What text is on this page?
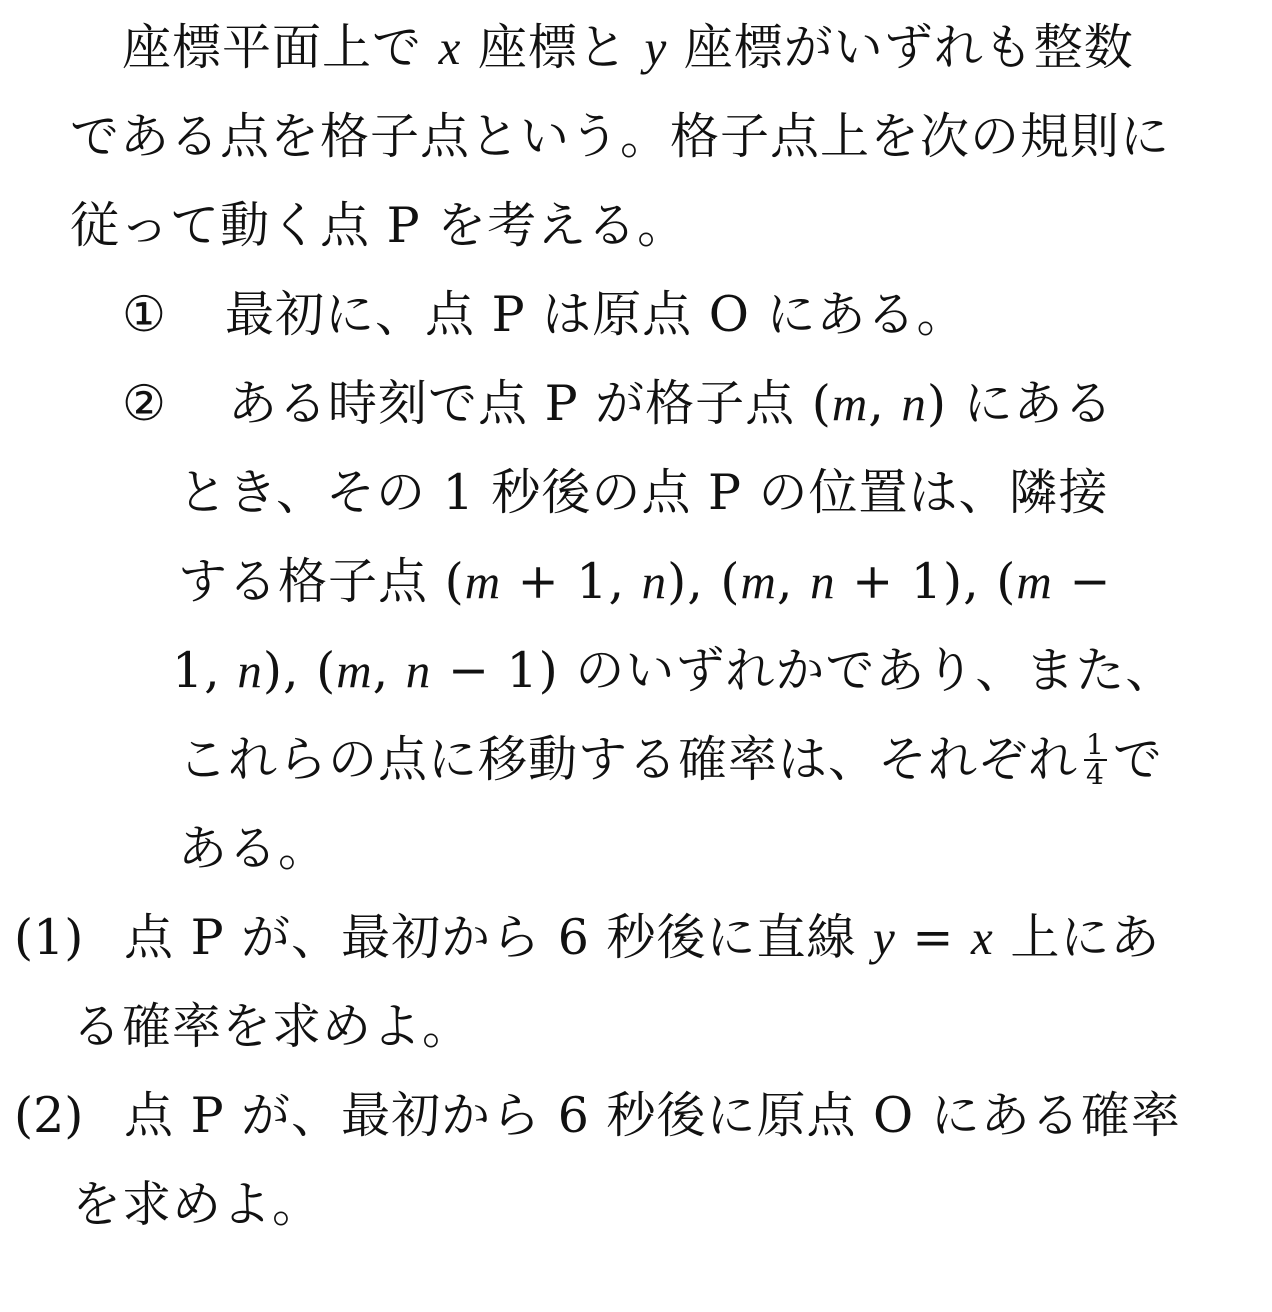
座標平面上で x 座標と y 座標がいずれも整数
である点を格子点という。格子点上を次の規則に
従って動く点 P を考える。
① 最初に、点 P は原点 O にある。
② ある時刻で点 P が格子点 (m, n) にある
とき、その 1 秒後の点 P の位置は、隣接
する格子点 (m + 1, n), (m, n + 1), (m −
1, n), (m, n − 1) のいずれかであり、また、
これらの点に移動する確率は、それぞれ $\frac{1}{4}$ で
ある。
(1) 点 P が、最初から 6 秒後に直線 y = x 上にあ
る確率を求めよ。
(2) 点 P が、最初から 6 秒後に原点 O にある確率
を求めよ。
